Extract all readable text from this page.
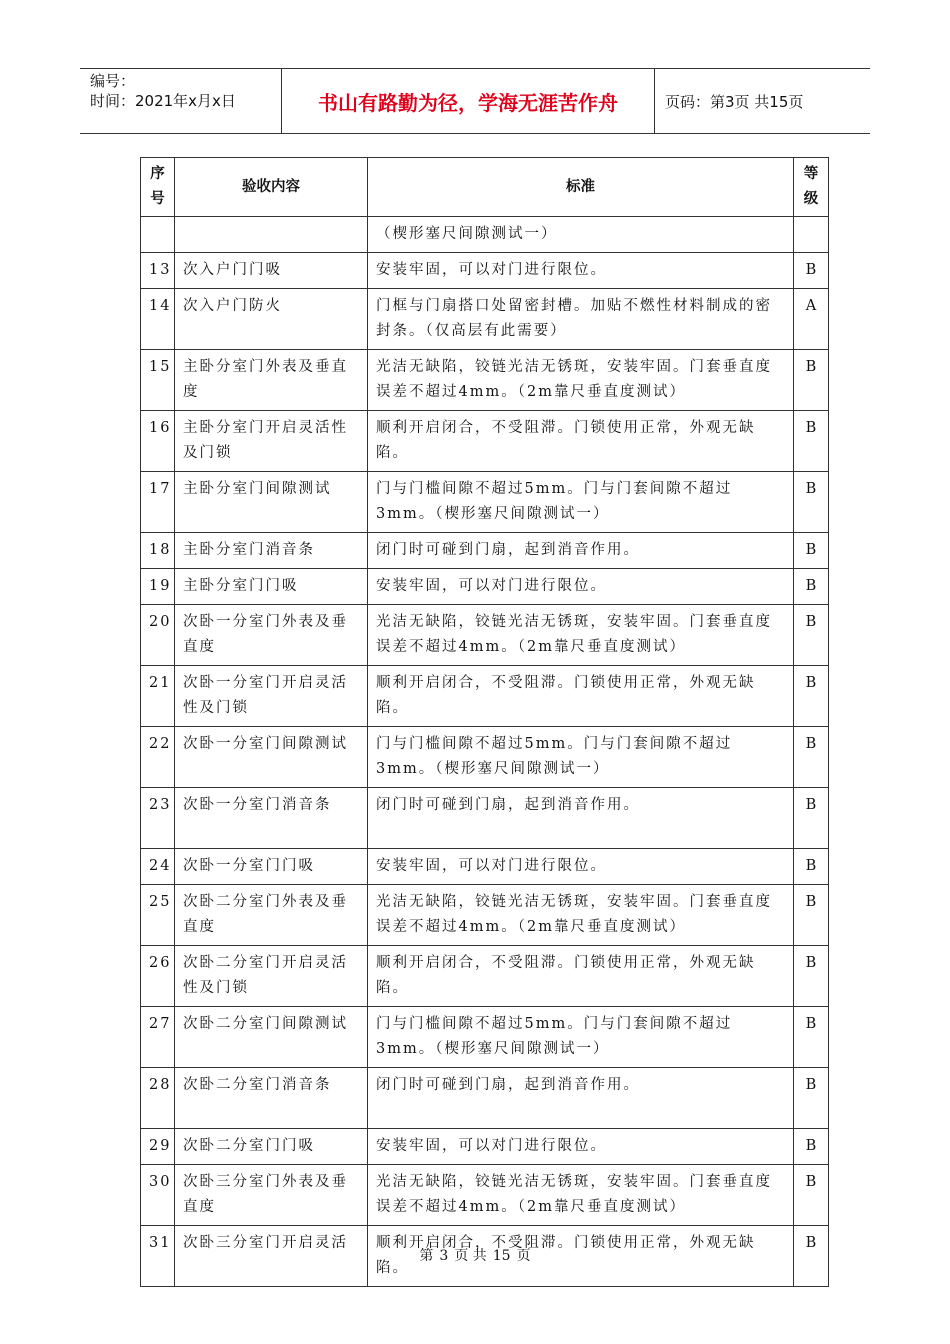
编号：
时间：2021年x月x日	书山有路勤为径，学海无涯苦作舟	页码：第3页 共15页
序号	验收内容	标准	等级
		（楔形塞尺间隙测试一）	
13	次入户门门吸	安装牢固，可以对门进行限位。	B
14	次入户门防火	门框与门扇搭口处留密封槽。加贴不燃性材料制成的密封条。（仅高层有此需要）	A
15	主卧分室门外表及垂直度	光洁无缺陷，铰链光洁无锈斑，安装牢固。门套垂直度误差不超过4mm。（2m靠尺垂直度测试）	B
16	主卧分室门开启灵活性及门锁	顺利开启闭合，不受阻滞。门锁使用正常，外观无缺陷。	B
17	主卧分室门间隙测试	门与门槛间隙不超过5mm。门与门套间隙不超过3mm。（楔形塞尺间隙测试一）	B
18	主卧分室门消音条	闭门时可碰到门扇，起到消音作用。	B
19	主卧分室门门吸	安装牢固，可以对门进行限位。	B
20	次卧一分室门外表及垂直度	光洁无缺陷，铰链光洁无锈斑，安装牢固。门套垂直度误差不超过4mm。（2m靠尺垂直度测试）	B
21	次卧一分室门开启灵活性及门锁	顺利开启闭合，不受阻滞。门锁使用正常，外观无缺陷。	B
22	次卧一分室门间隙测试	门与门槛间隙不超过5mm。门与门套间隙不超过3mm。（楔形塞尺间隙测试一）	B
23	次卧一分室门消音条	闭门时可碰到门扇，起到消音作用。	B
24	次卧一分室门门吸	安装牢固，可以对门进行限位。	B
25	次卧二分室门外表及垂直度	光洁无缺陷，铰链光洁无锈斑，安装牢固。门套垂直度误差不超过4mm。（2m靠尺垂直度测试）	B
26	次卧二分室门开启灵活性及门锁	顺利开启闭合，不受阻滞。门锁使用正常，外观无缺陷。	B
27	次卧二分室门间隙测试	门与门槛间隙不超过5mm。门与门套间隙不超过3mm。（楔形塞尺间隙测试一）	B
28	次卧二分室门消音条	闭门时可碰到门扇，起到消音作用。	B
29	次卧二分室门门吸	安装牢固，可以对门进行限位。	B
30	次卧三分室门外表及垂直度	光洁无缺陷，铰链光洁无锈斑，安装牢固。门套垂直度误差不超过4mm。（2m靠尺垂直度测试）	B
31	次卧三分室门开启灵活	顺利开启闭合，不受阻滞。门锁使用正常，外观无缺陷。	B
第 3 页 共 15 页
